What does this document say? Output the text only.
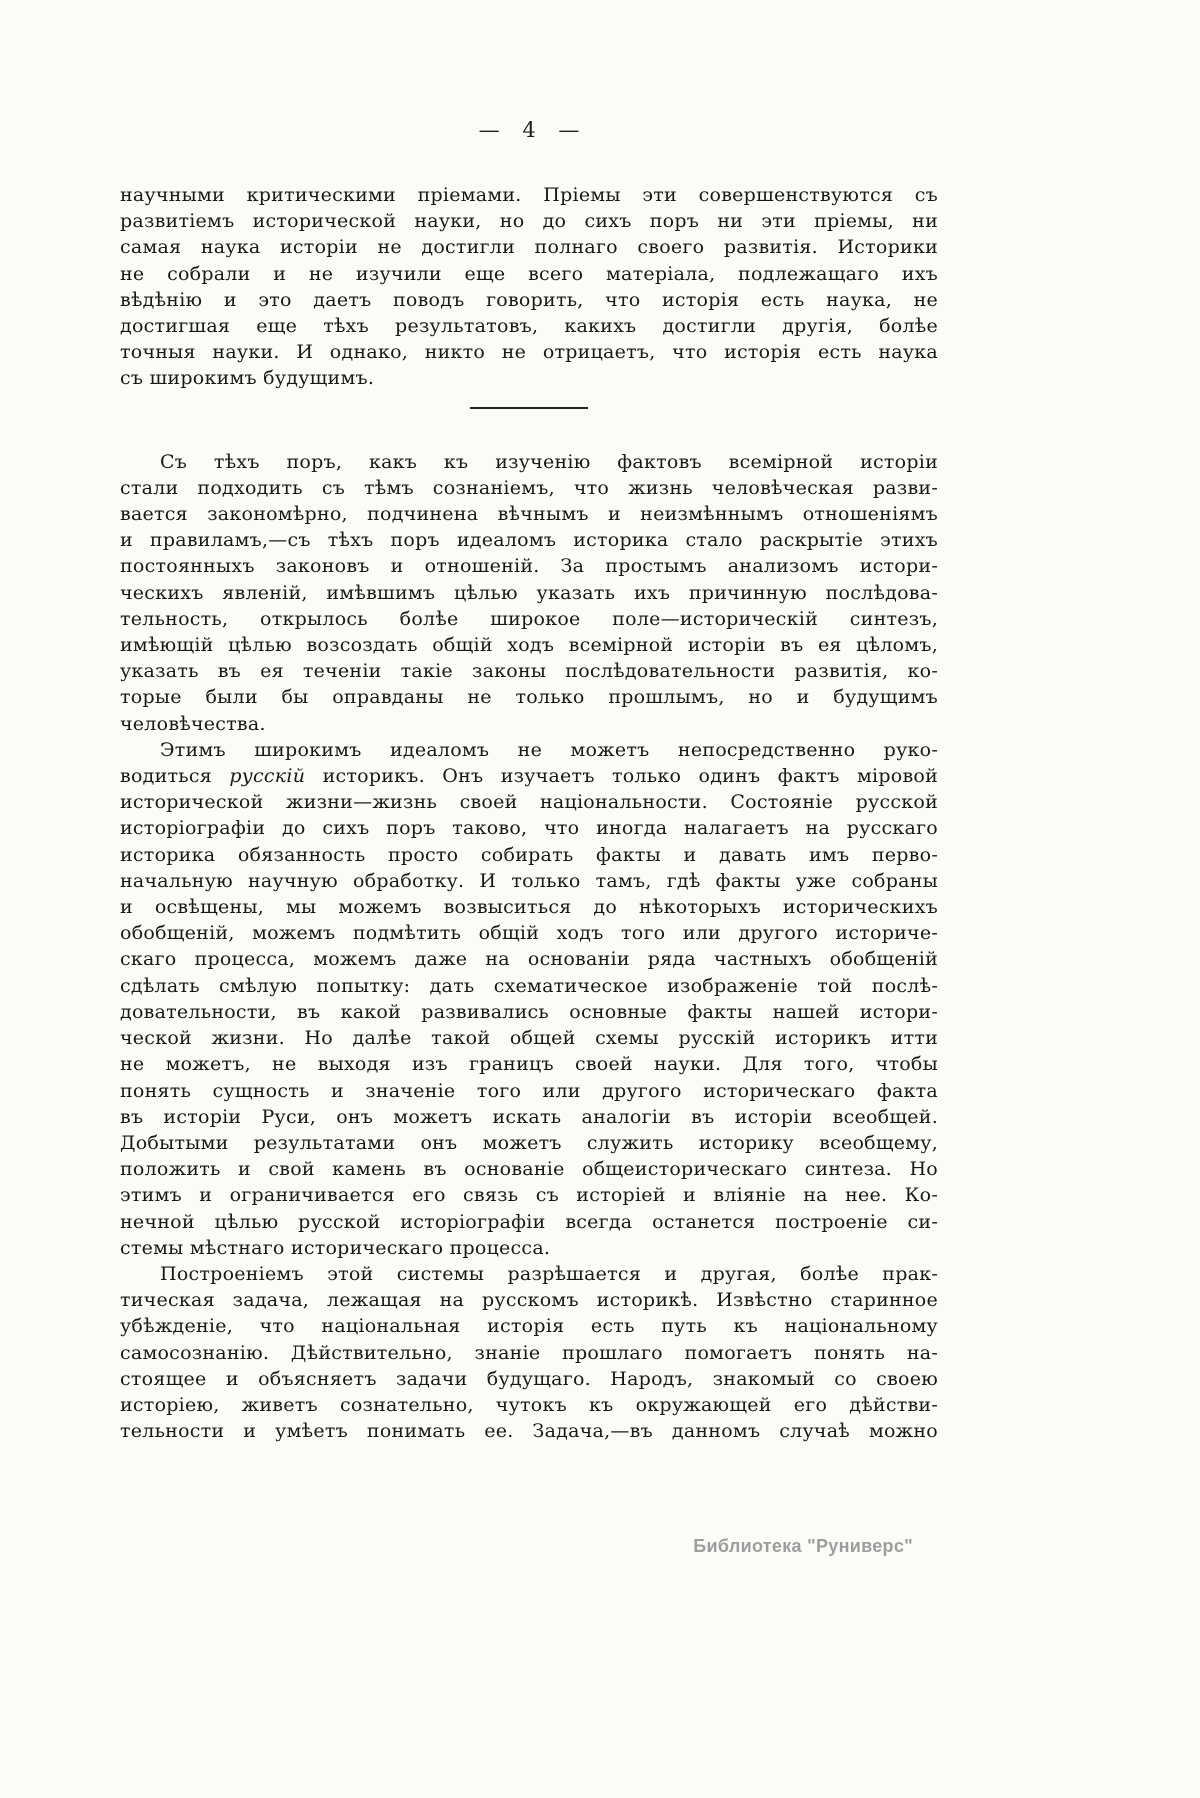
— 4 —
научными критическими пріемами. Пріемы эти совершенствуются съ
развитіемъ исторической науки, но до сихъ поръ ни эти пріемы, ни
самая наука исторіи не достигли полнаго своего развитія. Историки
не собрали и не изучили еще всего матеріала, подлежащаго ихъ
вѣдѣнію и это даетъ поводъ говорить, что исторія есть наука, не
достигшая еще тѣхъ результатовъ, какихъ достигли другія, болѣе
точныя науки. И однако, никто не отрицаетъ, что исторія есть наука
съ широкимъ будущимъ.
Съ тѣхъ поръ, какъ къ изученію фактовъ всемірной исторіи
стали подходить съ тѣмъ сознаніемъ, что жизнь человѣческая разви-
вается закономѣрно, подчинена вѣчнымъ и неизмѣннымъ отношеніямъ
и правиламъ,—съ тѣхъ поръ идеаломъ историка стало раскрытіе этихъ
постоянныхъ законовъ и отношеній. За простымъ анализомъ истори-
ческихъ явленій, имѣвшимъ цѣлью указать ихъ причинную послѣдова-
тельность, открылось болѣе широкое поле—историческій синтезъ,
имѣющій цѣлью возсоздать общій ходъ всемірной исторіи въ ея цѣломъ,
указать въ ея теченіи такіе законы послѣдовательности развитія, ко-
торые были бы оправданы не только прошлымъ, но и будущимъ
человѣчества.
Этимъ широкимъ идеаломъ не можетъ непосредственно руко-
водиться русскій историкъ. Онъ изучаетъ только одинъ фактъ міровой
исторической жизни—жизнь своей національности. Состояніе русской
исторіографіи до сихъ поръ таково, что иногда налагаетъ на русскаго
историка обязанность просто собирать факты и давать имъ перво-
начальную научную обработку. И только тамъ, гдѣ факты уже собраны
и освѣщены, мы можемъ возвыситься до нѣкоторыхъ историческихъ
обобщеній, можемъ подмѣтить общій ходъ того или другого историче-
скаго процесса, можемъ даже на основаніи ряда частныхъ обобщеній
сдѣлать смѣлую попытку: дать схематическое изображеніе той послѣ-
довательности, въ какой развивались основные факты нашей истори-
ческой жизни. Но далѣе такой общей схемы русскій историкъ итти
не можетъ, не выходя изъ границъ своей науки. Для того, чтобы
понять сущность и значеніе того или другого историческаго факта
въ исторіи Руси, онъ можетъ искать аналогіи въ исторіи всеобщей.
Добытыми результатами онъ можетъ служить историку всеобщему,
положить и свой камень въ основаніе общеисторическаго синтеза. Но
этимъ и ограничивается его связь съ исторіей и вліяніе на нее. Ко-
нечной цѣлью русской исторіографіи всегда останется построеніе си-
стемы мѣстнаго историческаго процесса.
Построеніемъ этой системы разрѣшается и другая, болѣе прак-
тическая задача, лежащая на русскомъ историкѣ. Извѣстно старинное
убѣжденіе, что національная исторія есть путь къ національному
самосознанію. Дѣйствительно, знаніе прошлаго помогаетъ понять на-
стоящее и объясняетъ задачи будущаго. Народъ, знакомый со своею
исторіею, живетъ сознательно, чутокъ къ окружающей его дѣйстви-
тельности и умѣетъ понимать ее. Задача,—въ данномъ случаѣ можно
Библиотека "Руниверс"
